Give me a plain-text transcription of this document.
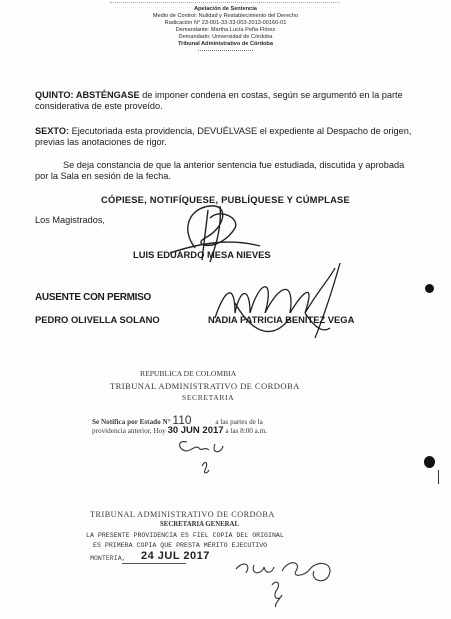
Apelación de Sentencia
Medio de Control: Nulidad y Restablecimiento del Derecho
Radicación N° 23-001-33-33-003-2013-00160-01
Demandante: Martha Lucía Peña Flórez
Demandado: Universidad de Córdoba
Tribunal Administrativo de Córdoba
QUINTO: ABSTÉNGASE de imponer condena en costas, según se argumentó en la parte considerativa de este proveído.
SEXTO: Ejecutoriada esta providencia, DEVUÉLVASE el expediente al Despacho de origen, previas las anotaciones de rigor.
Se deja constancia de que la anterior sentencia fue estudiada, discutida y aprobada por la Sala en sesión de la fecha.
CÓPIESE, NOTIFÍQUESE, PUBLÍQUESE Y CÚMPLASE
Los Magistrados,
LUIS EDUARDO MESA NIEVES
AUSENTE CON PERMISO
PEDRO OLIVELLA SOLANO	NADIA PATRICIA BENÍTEZ VEGA
REPUBLICA DE COLOMBIA
TRIBUNAL ADMINISTRATIVO DE CORDOBA
SECRETARIA
Se Notifica por Estado N° 110	a las partes de la
providencia anterior, Hoy 30 JUN 2017 a las 8:00 a.m.
TRIBUNAL ADMINISTRATIVO DE CORDOBA
SECRETARIA GENERAL
LA PRESENTE PROVIDENCIA ES FIEL COPIA DEL ORIGINAL
ES PRIMERA COPIA QUE PRESTA MÉRITO EJECUTIVO
MONTERIA, 24 JUL 2017
